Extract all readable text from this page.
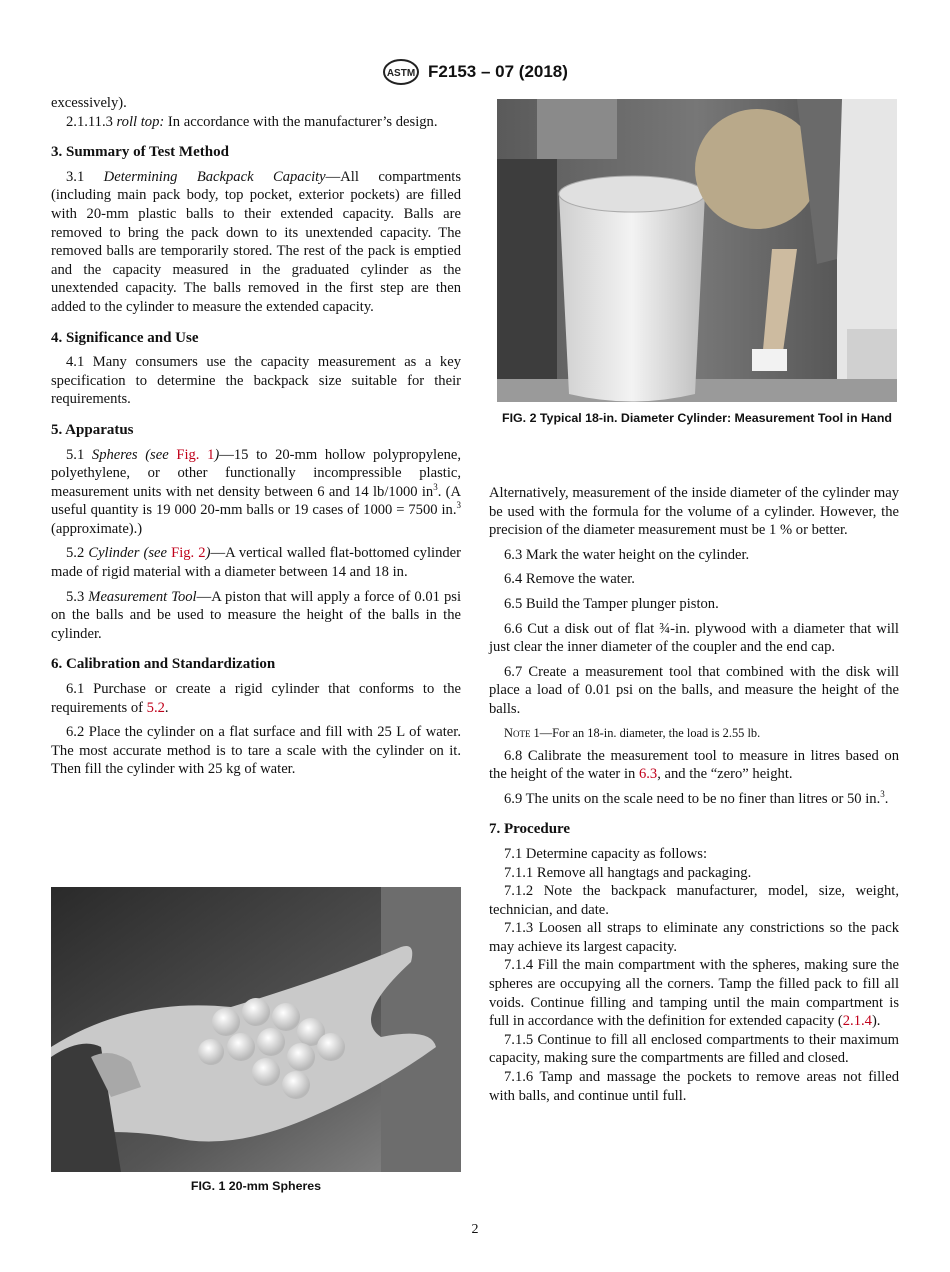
ASTM F2153 – 07 (2018)

excessively).

2.1.11.3 roll top: In accordance with the manufacturer’s design.

3. Summary of Test Method

3.1 Determining Backpack Capacity—All compartments (including main pack body, top pocket, exterior pockets) are filled with 20-mm plastic balls to their extended capacity. Balls are removed to bring the pack down to its unextended capacity. The removed balls are temporarily stored. The rest of the pack is emptied and the capacity measured in the graduated cylinder as the unextended capacity. The balls removed in the first step are then added to the cylinder to measure the extended capacity.

4. Significance and Use

4.1 Many consumers use the capacity measurement as a key specification to determine the backpack size suitable for their requirements.

5. Apparatus

5.1 Spheres (see Fig. 1)—15 to 20-mm hollow polypropylene, polyethylene, or other functionally incompressible plastic, measurement units with net density between 6 and 14 lb/1000 $in^3$. (A useful quantity is 19 000 20-mm balls or 19 cases of 1000 = 7500 in.$^3$ (approximate).)

5.2 Cylinder (see Fig. 2)—A vertical walled flat-bottomed cylinder made of rigid material with a diameter between 14 and 18 in.

5.3 Measurement Tool—A piston that will apply a force of 0.01 psi on the balls and be used to measure the height of the balls in the cylinder.

6. Calibration and Standardization

6.1 Purchase or create a rigid cylinder that conforms to the requirements of 5.2.

6.2 Place the cylinder on a flat surface and fill with 25 L of water. The most accurate method is to tare a scale with the cylinder on it. Then fill the cylinder with 25 kg of water.

FIG. 1 20-mm Spheres
FIG. 2 Typical 18-in. Diameter Cylinder: Measurement Tool in Hand

Alternatively, measurement of the inside diameter of the cylinder may be used with the formula for the volume of a cylinder. However, the precision of the diameter measurement must be 1 % or better.

6.3 Mark the water height on the cylinder.

6.4 Remove the water.

6.5 Build the Tamper plunger piston.

6.6 Cut a disk out of flat ¾-in. plywood with a diameter that will just clear the inner diameter of the coupler and the end cap.

6.7 Create a measurement tool that combined with the disk will place a load of 0.01 psi on the balls, and measure the height of the balls.

Note 1—For an 18-in. diameter, the load is 2.55 lb.

6.8 Calibrate the measurement tool to measure in litres based on the height of the water in 6.3, and the “zero” height.

6.9 The units on the scale need to be no finer than litres or 50 in.$^3$.

7. Procedure

7.1 Determine capacity as follows:

7.1.1 Remove all hangtags and packaging.

7.1.2 Note the backpack manufacturer, model, size, weight, technician, and date.

7.1.3 Loosen all straps to eliminate any constrictions so the pack may achieve its largest capacity.

7.1.4 Fill the main compartment with the spheres, making sure the spheres are occupying all the corners. Tamp the filled pack to fill all voids. Continue filling and tamping until the main compartment is full in accordance with the definition for extended capacity (2.1.4).

7.1.5 Continue to fill all enclosed compartments to their maximum capacity, making sure the compartments are filled and closed.

7.1.6 Tamp and massage the pockets to remove areas not filled with balls, and continue until full.

2
